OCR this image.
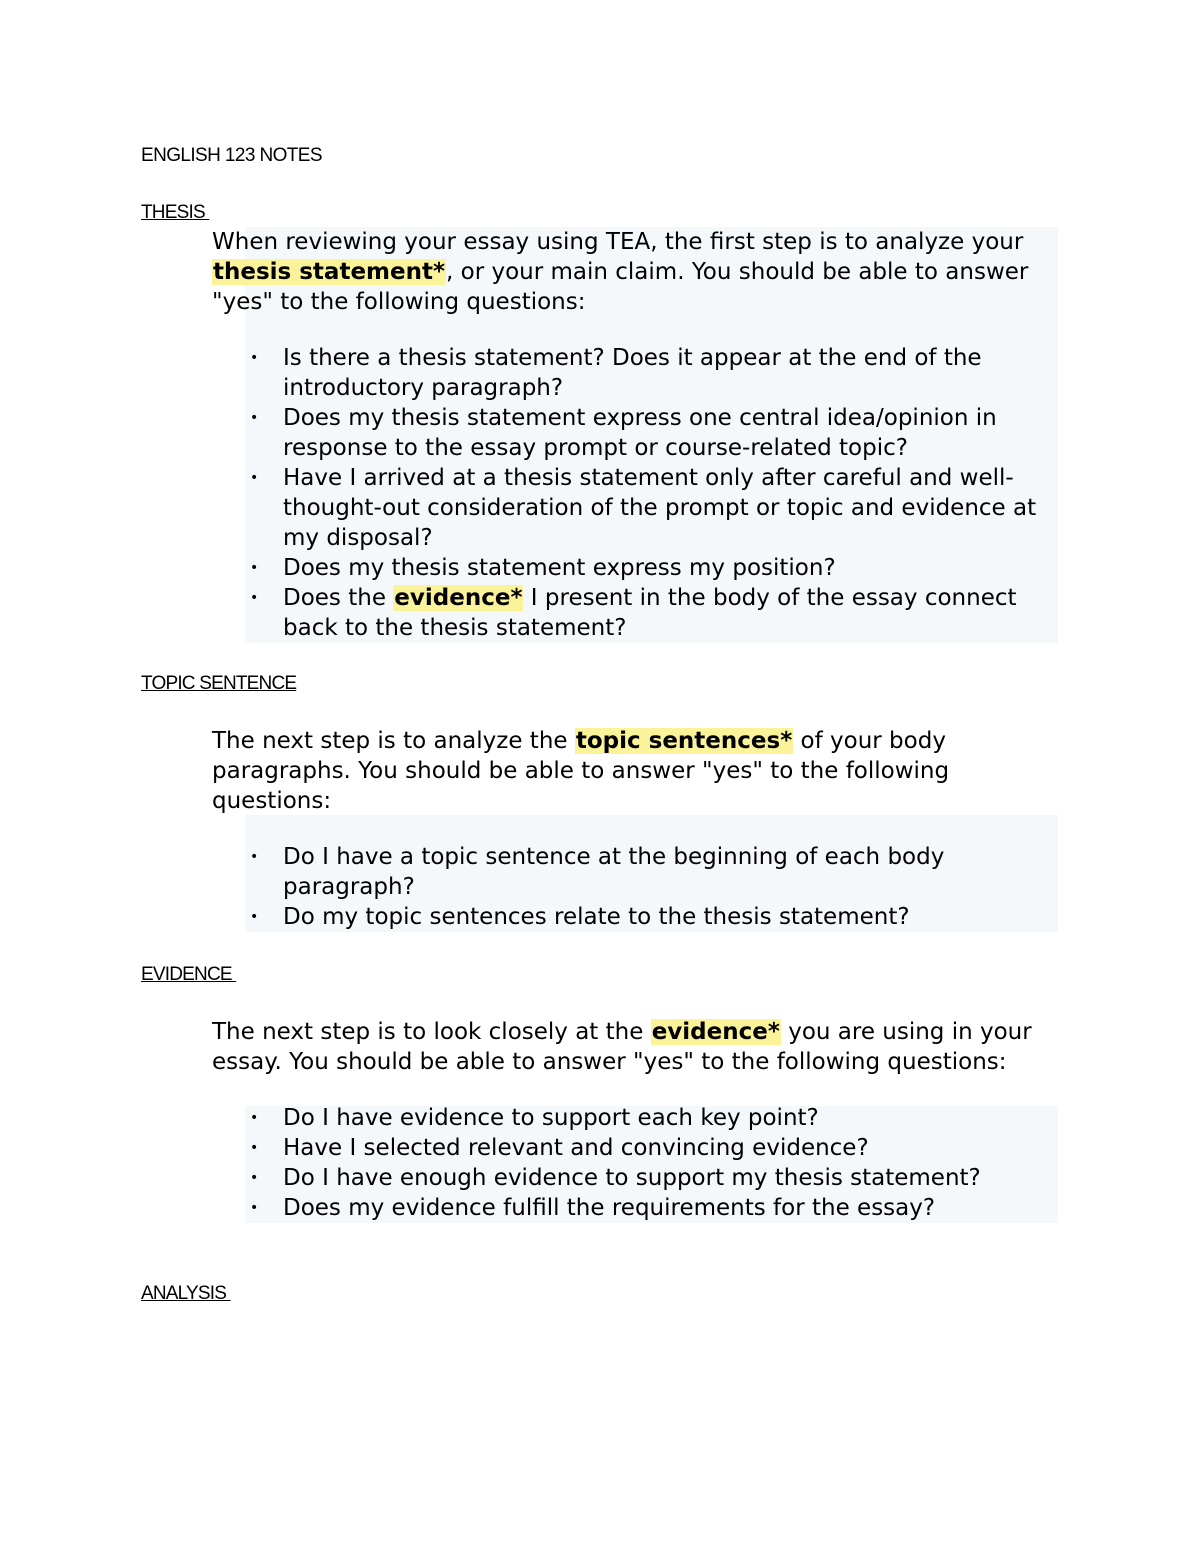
ENGLISH 123 NOTES
THESIS

When reviewing your essay using TEA, the first step is to analyze your thesis statement*, or your main claim. You should be able to answer "yes" to the following questions:

• Is there a thesis statement? Does it appear at the end of the introductory paragraph?
• Does my thesis statement express one central idea/opinion in response to the essay prompt or course-related topic?
• Have I arrived at a thesis statement only after careful and well-thought-out consideration of the prompt or topic and evidence at my disposal?
• Does my thesis statement express my position?
• Does the evidence* I present in the body of the essay connect back to the thesis statement?
TOPIC SENTENCE

The next step is to analyze the topic sentences* of your body paragraphs. You should be able to answer "yes" to the following questions:

• Do I have a topic sentence at the beginning of each body paragraph?
• Do my topic sentences relate to the thesis statement?
EVIDENCE

The next step is to look closely at the evidence* you are using in your essay. You should be able to answer "yes" to the following questions:

• Do I have evidence to support each key point?
• Have I selected relevant and convincing evidence?
• Do I have enough evidence to support my thesis statement?
• Does my evidence fulfill the requirements for the essay?
ANALYSIS
